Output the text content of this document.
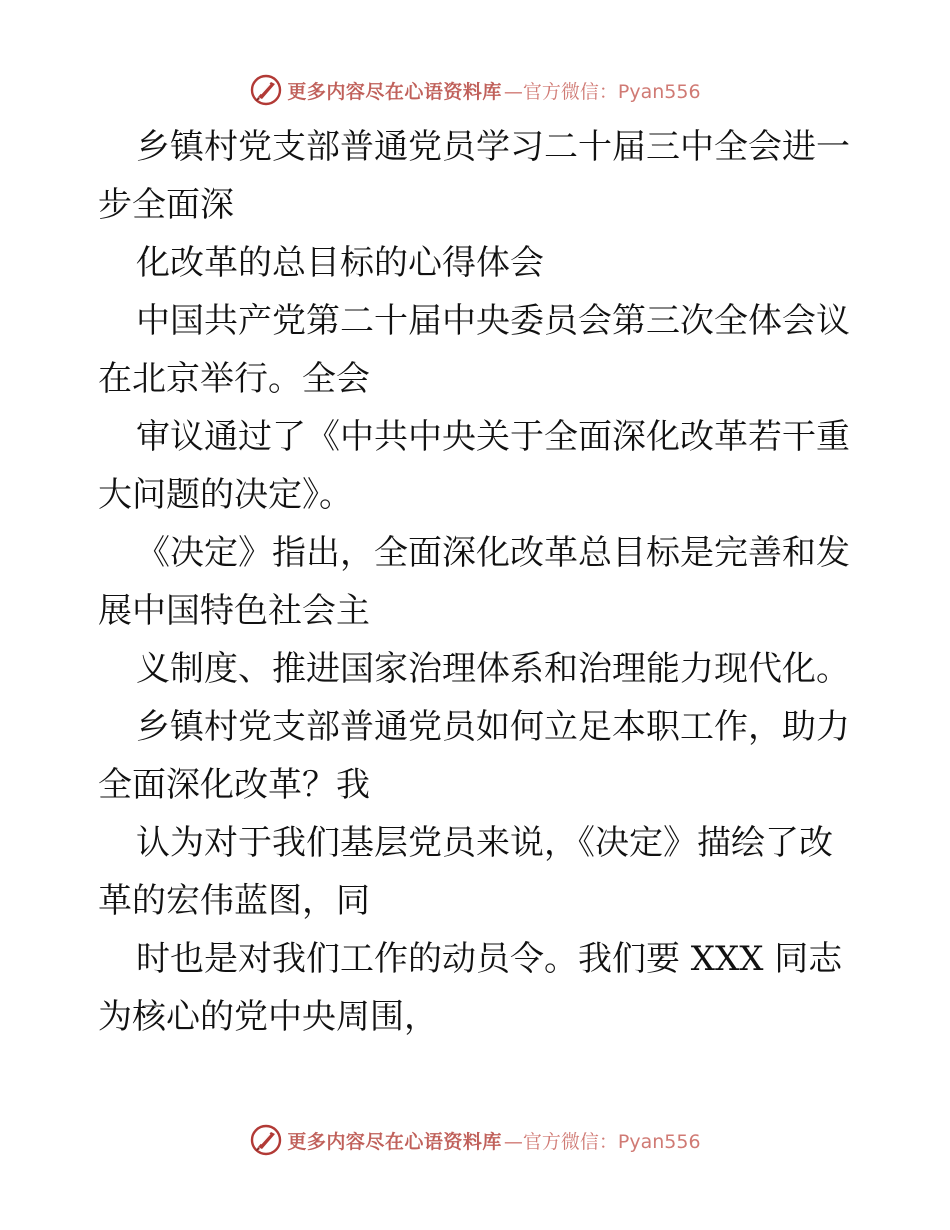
更多内容尽在心语资料库 —官方微信：Pyan556

乡镇村党支部普通党员学习二十届三中全会进一
步全面深
化改革的总目标的心得体会
中国共产党第二十届中央委员会第三次全体会议
在北京举行。全会
审议通过了《中共中央关于全面深化改革若干重
大问题的决定》。
《决定》指出，全面深化改革总目标是完善和发
展中国特色社会主
义制度、推进国家治理体系和治理能力现代化。
乡镇村党支部普通党员如何立足本职工作，助力
全面深化改革？我
认为对于我们基层党员来说，《决定》描绘了改
革的宏伟蓝图，同
时也是对我们工作的动员令。我们要 XXX 同志
为核心的党中央周围，

更多内容尽在心语资料库 —官方微信：Pyan556
